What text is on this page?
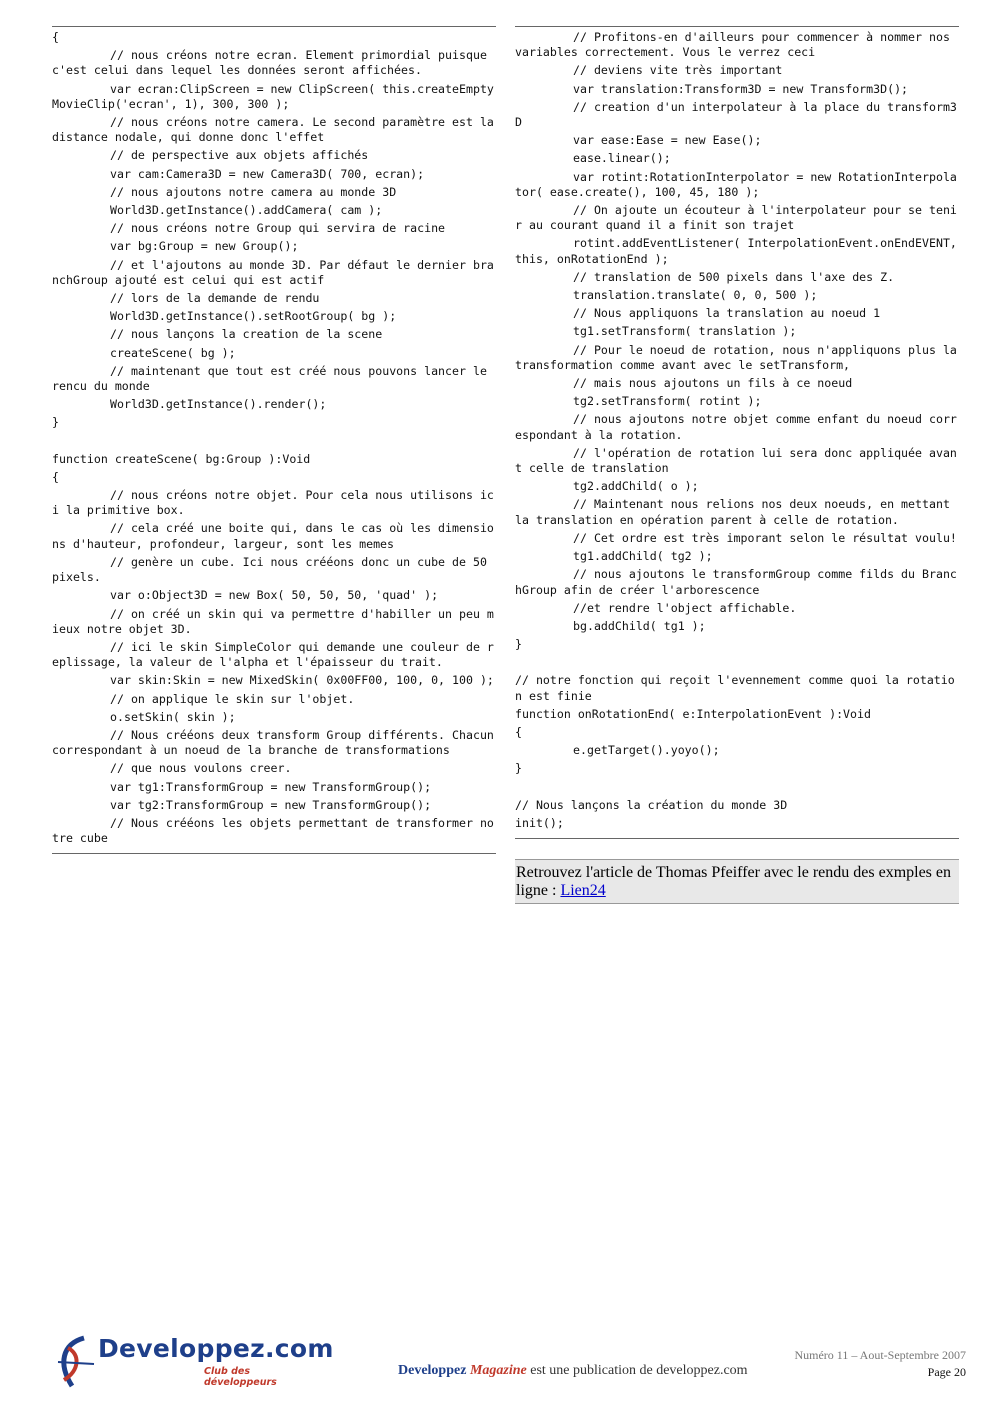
{
// nous créons notre ecran. Element primordial puisque c'est celui dans lequel les données seront affichées.
var ecran:ClipScreen = new ClipScreen( this.createEmptyMovieClip('ecran', 1), 300, 300 );
// nous créons notre camera. Le second paramètre est la distance nodale, qui donne donc l'effet
// de perspective aux objets affichés
var cam:Camera3D = new Camera3D( 700, ecran);
// nous ajoutons notre camera au monde 3D
World3D.getInstance().addCamera( cam );
// nous créons notre Group qui servira de racine
var bg:Group = new Group();
// et l'ajoutons au monde 3D. Par défaut le dernier branchGroup ajouté est celui qui est actif
// lors de la demande de rendu
World3D.getInstance().setRootGroup( bg );
// nous lançons la creation de la scene
createScene( bg );
// maintenant que tout est créé nous pouvons lancer le rencu du monde
World3D.getInstance().render();
}
function createScene( bg:Group ):Void
{
// nous créons notre objet. Pour cela nous utilisons ici la primitive box.
// cela créé une boite qui, dans le cas où les dimensions d'hauteur, profondeur, largeur, sont les memes
// genère un cube. Ici nous crééons donc un cube de 50 pixels.
var o:Object3D = new Box( 50, 50, 50, 'quad' );
// on créé un skin qui va permettre d'habiller un peu mieux notre objet 3D.
// ici le skin SimpleColor qui demande une couleur de replissage, la valeur de l'alpha et l'épaisseur du trait.
var skin:Skin = new MixedSkin( 0x00FF00, 100, 0, 100 );
// on applique le skin sur l'objet.
o.setSkin( skin );
// Nous crééons deux transform Group différents. Chacun correspondant à un noeud de la branche de transformations
// que nous voulons creer.
var tg1:TransformGroup = new TransformGroup();
var tg2:TransformGroup = new TransformGroup();
// Nous crééons les objets permettant de transformer notre cube
// Profitons-en d'ailleurs pour commencer à nommer nos variables correctement. Vous le verrez ceci
// deviens vite très important
var translation:Transform3D = new Transform3D();
// creation d'un interpolateur à la place du transform3D
var ease:Ease = new Ease();
ease.linear();
var rotint:RotationInterpolator = new RotationInterpolator( ease.create(), 100, 45, 180 );
// On ajoute un écouteur à l'interpolateur pour se tenir au courant quand il a finit son trajet
rotint.addEventListener( InterpolationEvent.onEndEVENT, this, onRotationEnd );
// translation de 500 pixels dans l'axe des Z.
translation.translate( 0, 0, 500 );
// Nous appliquons la translation au noeud 1
tg1.setTransform( translation );
// Pour le noeud de rotation, nous n'appliquons plus la transformation comme avant avec le setTransform,
// mais nous ajoutons un fils à ce noeud
tg2.setTransform( rotint );
// nous ajoutons notre objet comme enfant du noeud correspondant à la rotation.
// l'opération de rotation lui sera donc appliquée avant celle de translation
tg2.addChild( o );
// Maintenant nous relions nos deux noeuds, en mettant la translation en opération parent à celle de rotation.
// Cet ordre est très imporant selon le résultat voulu!
tg1.addChild( tg2 );
// nous ajoutons le transformGroup comme filds du BranchGroup afin de créer l'arborescence
//et rendre l'object affichable.
bg.addChild( tg1 );
}
// notre fonction qui reçoit l'evennement comme quoi la rotation est finie
function onRotationEnd( e:InterpolationEvent ):Void
{
e.getTarget().yoyo();
}
// Nous lançons la création du monde 3D
init();
Retrouvez l'article de Thomas Pfeiffer avec le rendu des exmples en ligne : Lien24
Developpez.com
Club des développeurs
Numéro 11 – Aout-Septembre 2007
Developpez Magazine est une publication de developpez.com	Page 20
